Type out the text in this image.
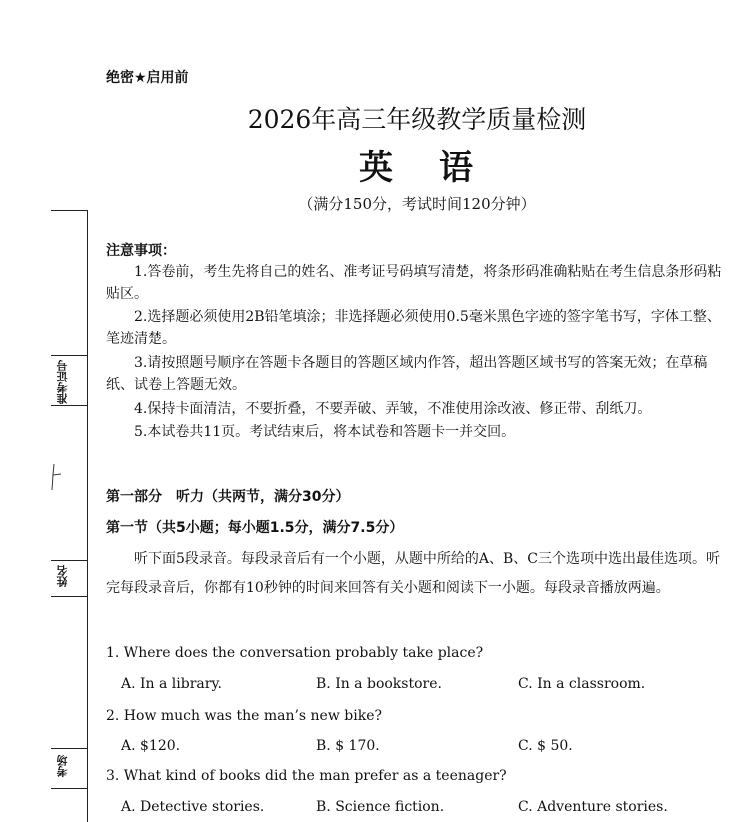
准考证号
姓名
考场
绝密★启用前
2026年高三年级教学质量检测
英 语
（满分150分，考试时间120分钟）
注意事项：
1.答卷前，考生先将自己的姓名、准考证号码填写清楚，将条形码准确粘贴在考生信息条形码粘贴区。
2.选择题必须使用2B铅笔填涂；非选择题必须使用0.5毫米黑色字迹的签字笔书写，字体工整、笔迹清楚。
3.请按照题号顺序在答题卡各题目的答题区域内作答，超出答题区域书写的答案无效；在草稿纸、试卷上答题无效。
4.保持卡面清洁，不要折叠，不要弄破、弄皱，不准使用涂改液、修正带、刮纸刀。
5.本试卷共11页。考试结束后，将本试卷和答题卡一并交回。
第一部分　听力（共两节，满分30分）
第一节（共5小题；每小题1.5分，满分7.5分）
听下面5段录音。每段录音后有一个小题，从题中所给的A、B、C三个选项中选出最佳选项。听完每段录音后，你都有10秒钟的时间来回答有关小题和阅读下一小题。每段录音播放两遍。
1. Where does the conversation probably take place?
A. In a library.	B. In a bookstore.	C. In a classroom.
2. How much was the man’s new bike?
A. $120.	B. $ 170.	C. $ 50.
3. What kind of books did the man prefer as a teenager?
A. Detective stories.	B. Science fiction.	C. Adventure stories.
